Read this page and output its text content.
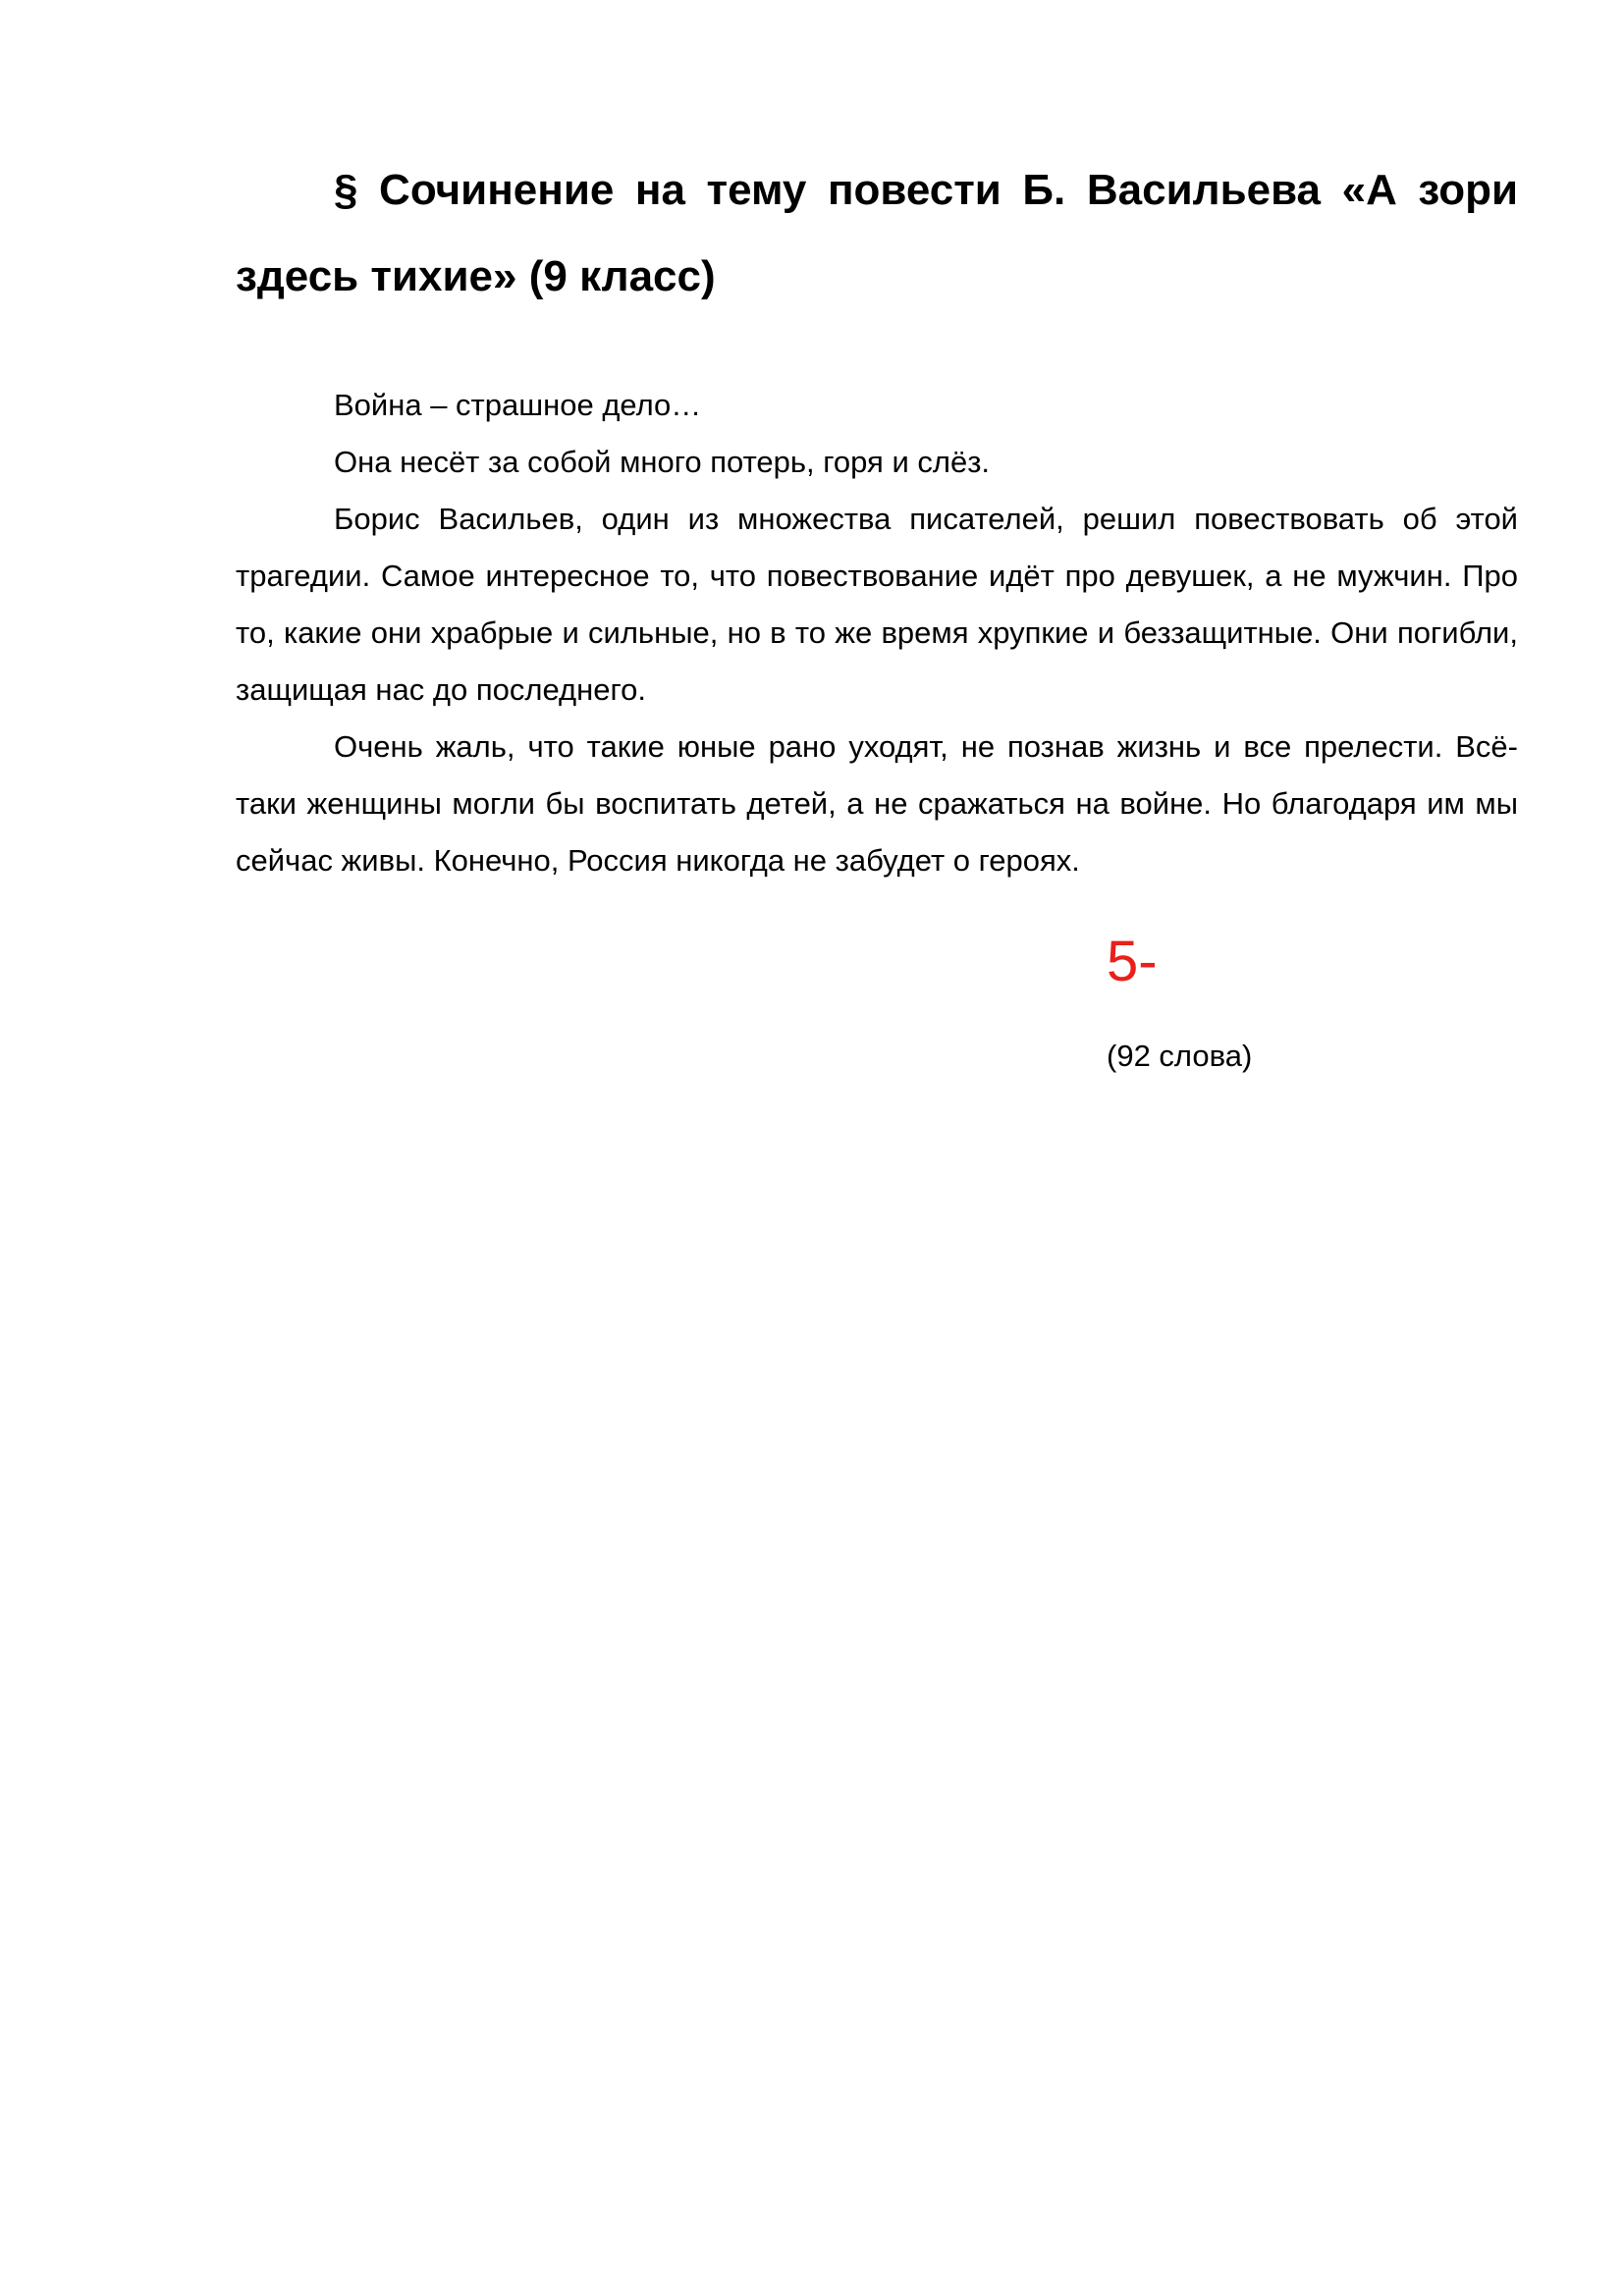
§ Сочинение на тему повести Б. Васильева «А зори здесь тихие» (9 класс)

Война – страшное дело…

Она несёт за собой много потерь, горя и слёз.

Борис Васильев, один из множества писателей, решил повествовать об этой трагедии. Самое интересное то, что повествование идёт про девушек, а не мужчин. Про то, какие они храбрые и сильные, но в то же время хрупкие и беззащитные. Они погибли, защищая нас до последнего.

Очень жаль, что такие юные рано уходят, не познав жизнь и все прелести. Всё-таки женщины могли бы воспитать детей, а не сражаться на войне. Но благодаря им мы сейчас живы. Конечно, Россия никогда не забудет о героях.

5-
(92 слова)
